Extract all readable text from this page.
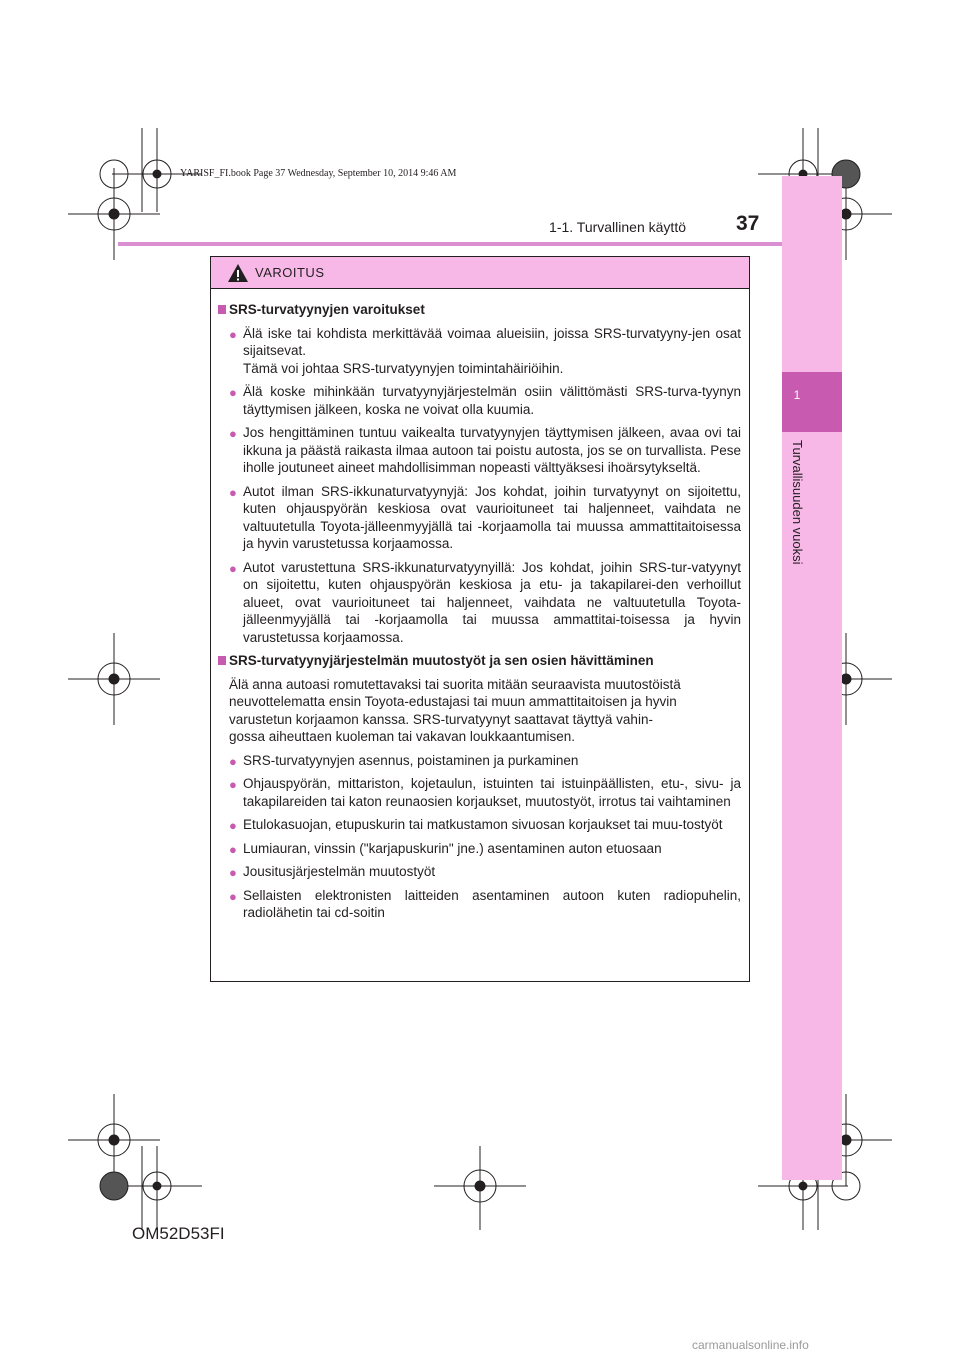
1
Turvallisuuden vuoksi
YARISF_FI.book Page 37 Wednesday, September 10, 2014 9:46 AM
1-1. Turvallinen käyttö 37
VAROITUS
SRS-turvatyynyjen varoitukset
● Älä iske tai kohdista merkittävää voimaa alueisiin, joissa SRS-turvatyyny-jen osat sijaitsevat.
Tämä voi johtaa SRS-turvatyynyjen toimintahäiriöihin.
● Älä koske mihinkään turvatyynyjärjestelmän osiin välittömästi SRS-turva-tyynyn täyttymisen jälkeen, koska ne voivat olla kuumia.
● Jos hengittäminen tuntuu vaikealta turvatyynyjen täyttymisen jälkeen, avaa ovi tai ikkuna ja päästä raikasta ilmaa autoon tai poistu autosta, jos se on turvallista. Pese iholle joutuneet aineet mahdollisimman nopeasti välttyäksesi ihoärsytykseltä.
● Autot ilman SRS-ikkunaturvatyynyjä: Jos kohdat, joihin turvatyynyt on sijoitettu, kuten ohjauspyörän keskiosa ovat vaurioituneet tai haljenneet, vaihdata ne valtuutetulla Toyota-jälleenmyyjällä tai -korjaamolla tai muussa ammattitaitoisessa ja hyvin varustetussa korjaamossa.
● Autot varustettuna SRS-ikkunaturvatyynyillä: Jos kohdat, joihin SRS-tur-vatyynyt on sijoitettu, kuten ohjauspyörän keskiosa ja etu- ja takapilarei-den verhoillut alueet, ovat vaurioituneet tai haljenneet, vaihdata ne valtuutetulla Toyota-jälleenmyyjällä tai -korjaamolla tai muussa ammattitai-toisessa ja hyvin varustetussa korjaamossa.
SRS-turvatyynyjärjestelmän muutostyöt ja sen osien hävittäminen
Älä anna autoasi romutettavaksi tai suorita mitään seuraavista muutostöistä
neuvottelematta ensin Toyota-edustajasi tai muun ammattitaitoisen ja hyvin
varustetun korjaamon kanssa. SRS-turvatyynyt saattavat täyttyä vahin-
gossa aiheuttaen kuoleman tai vakavan loukkaantumisen.
● SRS-turvatyynyjen asennus, poistaminen ja purkaminen
● Ohjauspyörän, mittariston, kojetaulun, istuinten tai istuinpäällisten, etu-, sivu- ja takapilareiden tai katon reunaosien korjaukset, muutostyöt, irrotus tai vaihtaminen
● Etulokasuojan, etupuskurin tai matkustamon sivuosan korjaukset tai muu-tostyöt
● Lumiauran, vinssin ("karjapuskurin" jne.) asentaminen auton etuosaan
● Jousitusjärjestelmän muutostyöt
● Sellaisten elektronisten laitteiden asentaminen autoon kuten radiopuhelin, radiolähetin tai cd-soitin
OM52D53FI
carmanualsonline.info
